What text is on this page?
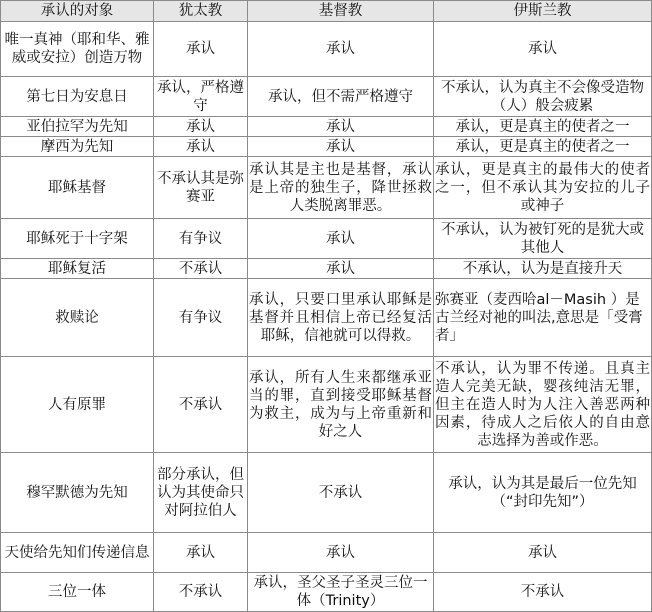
承认的对象	犹太教	基督教	伊斯兰教
唯一真神（耶和华、雅威或安拉）创造万物	承认	承认	承认
第七日为安息日	承认，严格遵守	承认，但不需严格遵守	不承认，认为真主不会像受造物（人）般会疲累
亚伯拉罕为先知	承认	承认	承认，更是真主的使者之一
摩西为先知	承认	承认	承认，更是真主的使者之一
耶稣基督	不承认其是弥赛亚	承认其是主也是基督，承认是上帝的独生子，降世拯救人类脱离罪恶。	承认，更是真主的最伟大的使者之一，但不承认其为安拉的儿子或神子
耶稣死于十字架	有争议	承认	不承认，认为被钉死的是犹大或其他人
耶稣复活	不承认	承认	不承认，认为是直接升天
救赎论	有争议	承认，只要口里承认耶稣是基督并且相信上帝已经复活耶稣，信祂就可以得救。	弥赛亚（麦西哈al－Masih ）是古兰经对祂的叫法,意思是「受膏者」
人有原罪	不承认	承认，所有人生来都继承亚当的罪，直到接受耶稣基督为救主，成为与上帝重新和好之人	不承认，认为罪不传递。且真主造人完美无缺，婴孩纯洁无罪，但主在造人时为人注入善恶两种因素，待成人之后依人的自由意志选择为善或作恶。
穆罕默德为先知	部分承认，但认为其使命只对阿拉伯人	不承认	承认，认为其是最后一位先知（“封印先知”）
天使给先知们传递信息	承认	承认	承认
三位一体	不承认	承认，圣父圣子圣灵三位一体（Trinity）	不承认
